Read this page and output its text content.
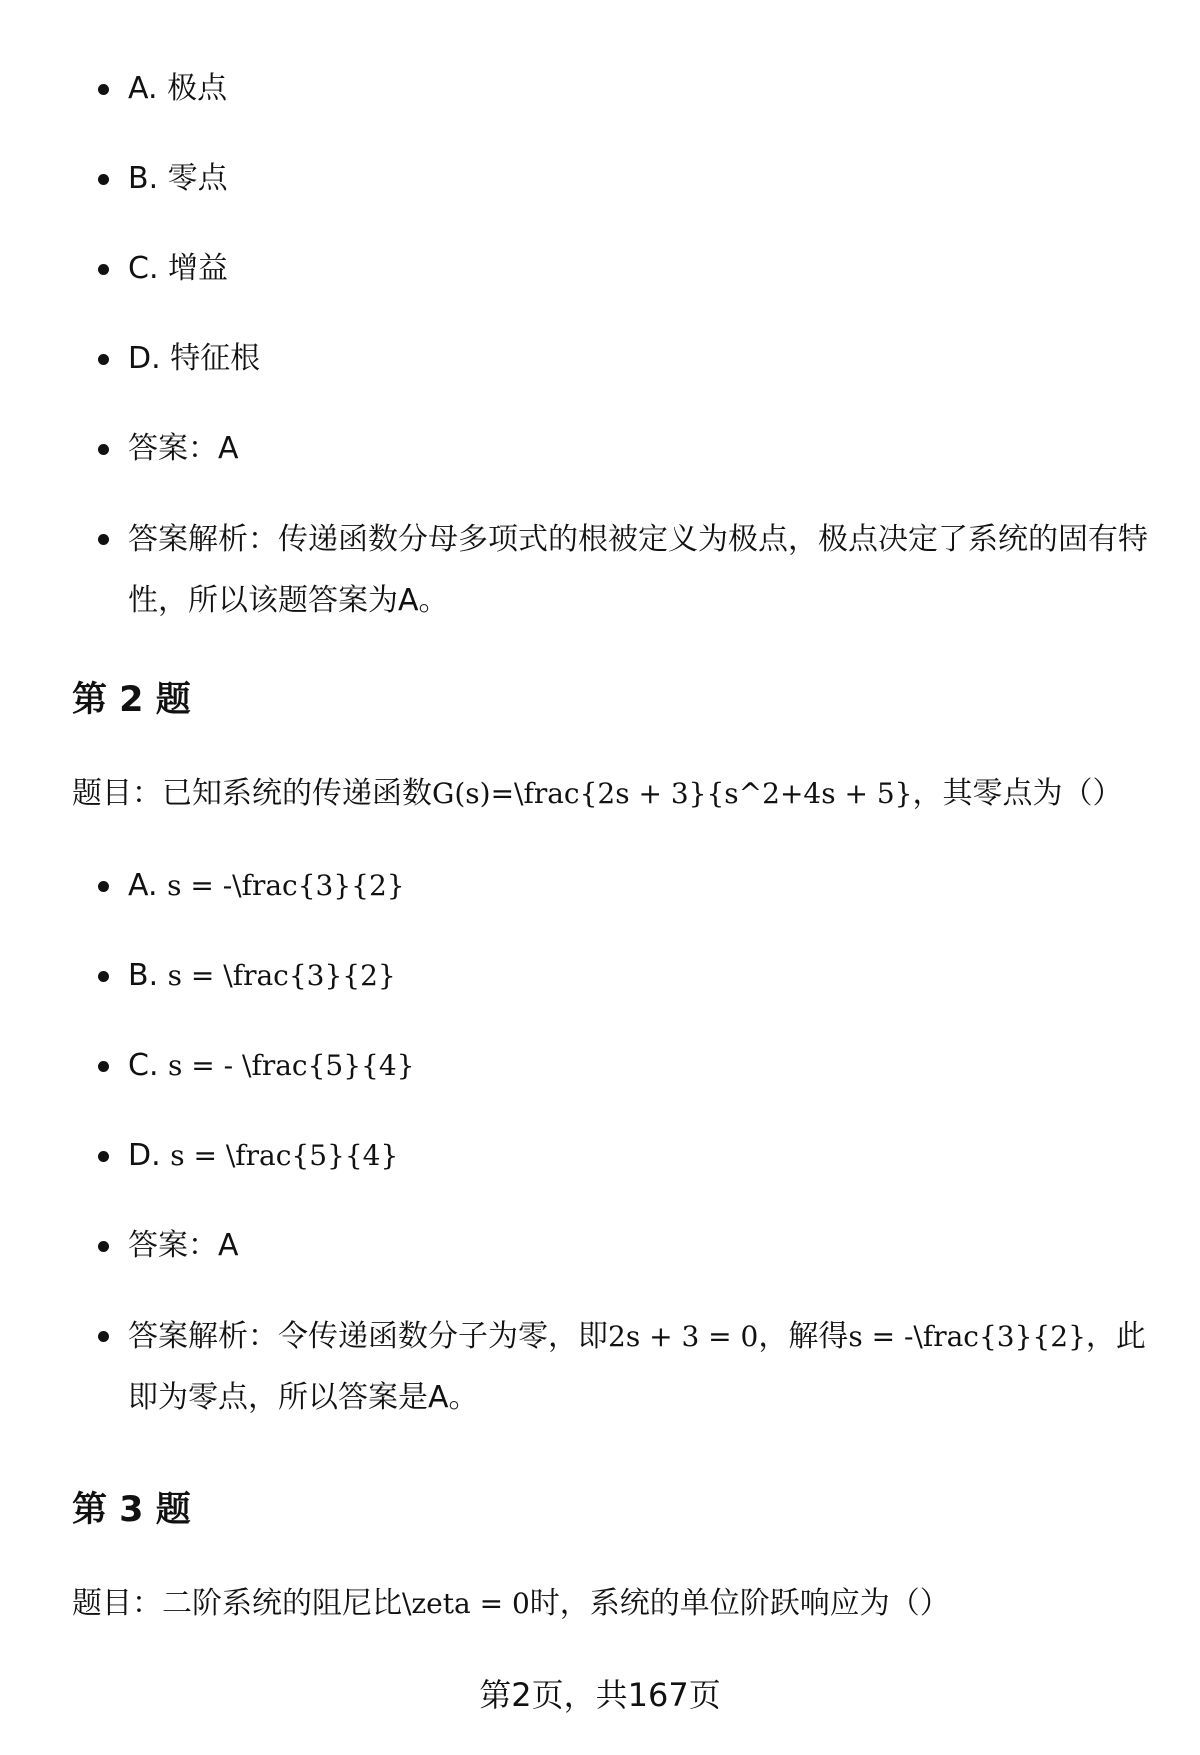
A. 极点
B. 零点
C. 增益
D. 特征根
答案：A
答案解析：传递函数分母多项式的根被定义为极点，极点决定了系统的固有特性，所以该题答案为A。
第 2 题

题目：已知系统的传递函数G(s)=\frac{2s + 3}{s^2+4s + 5}，其零点为（）

A. s = -\frac{3}{2}
B. s = \frac{3}{2}
C. s = - \frac{5}{4}
D. s = \frac{5}{4}
答案：A
答案解析：令传递函数分子为零，即2s + 3 = 0，解得s = -\frac{3}{2}，此即为零点，所以答案是A。
第 3 题

题目：二阶系统的阻尼比\zeta = 0时，系统的单位阶跃响应为（）

第2页，共167页
